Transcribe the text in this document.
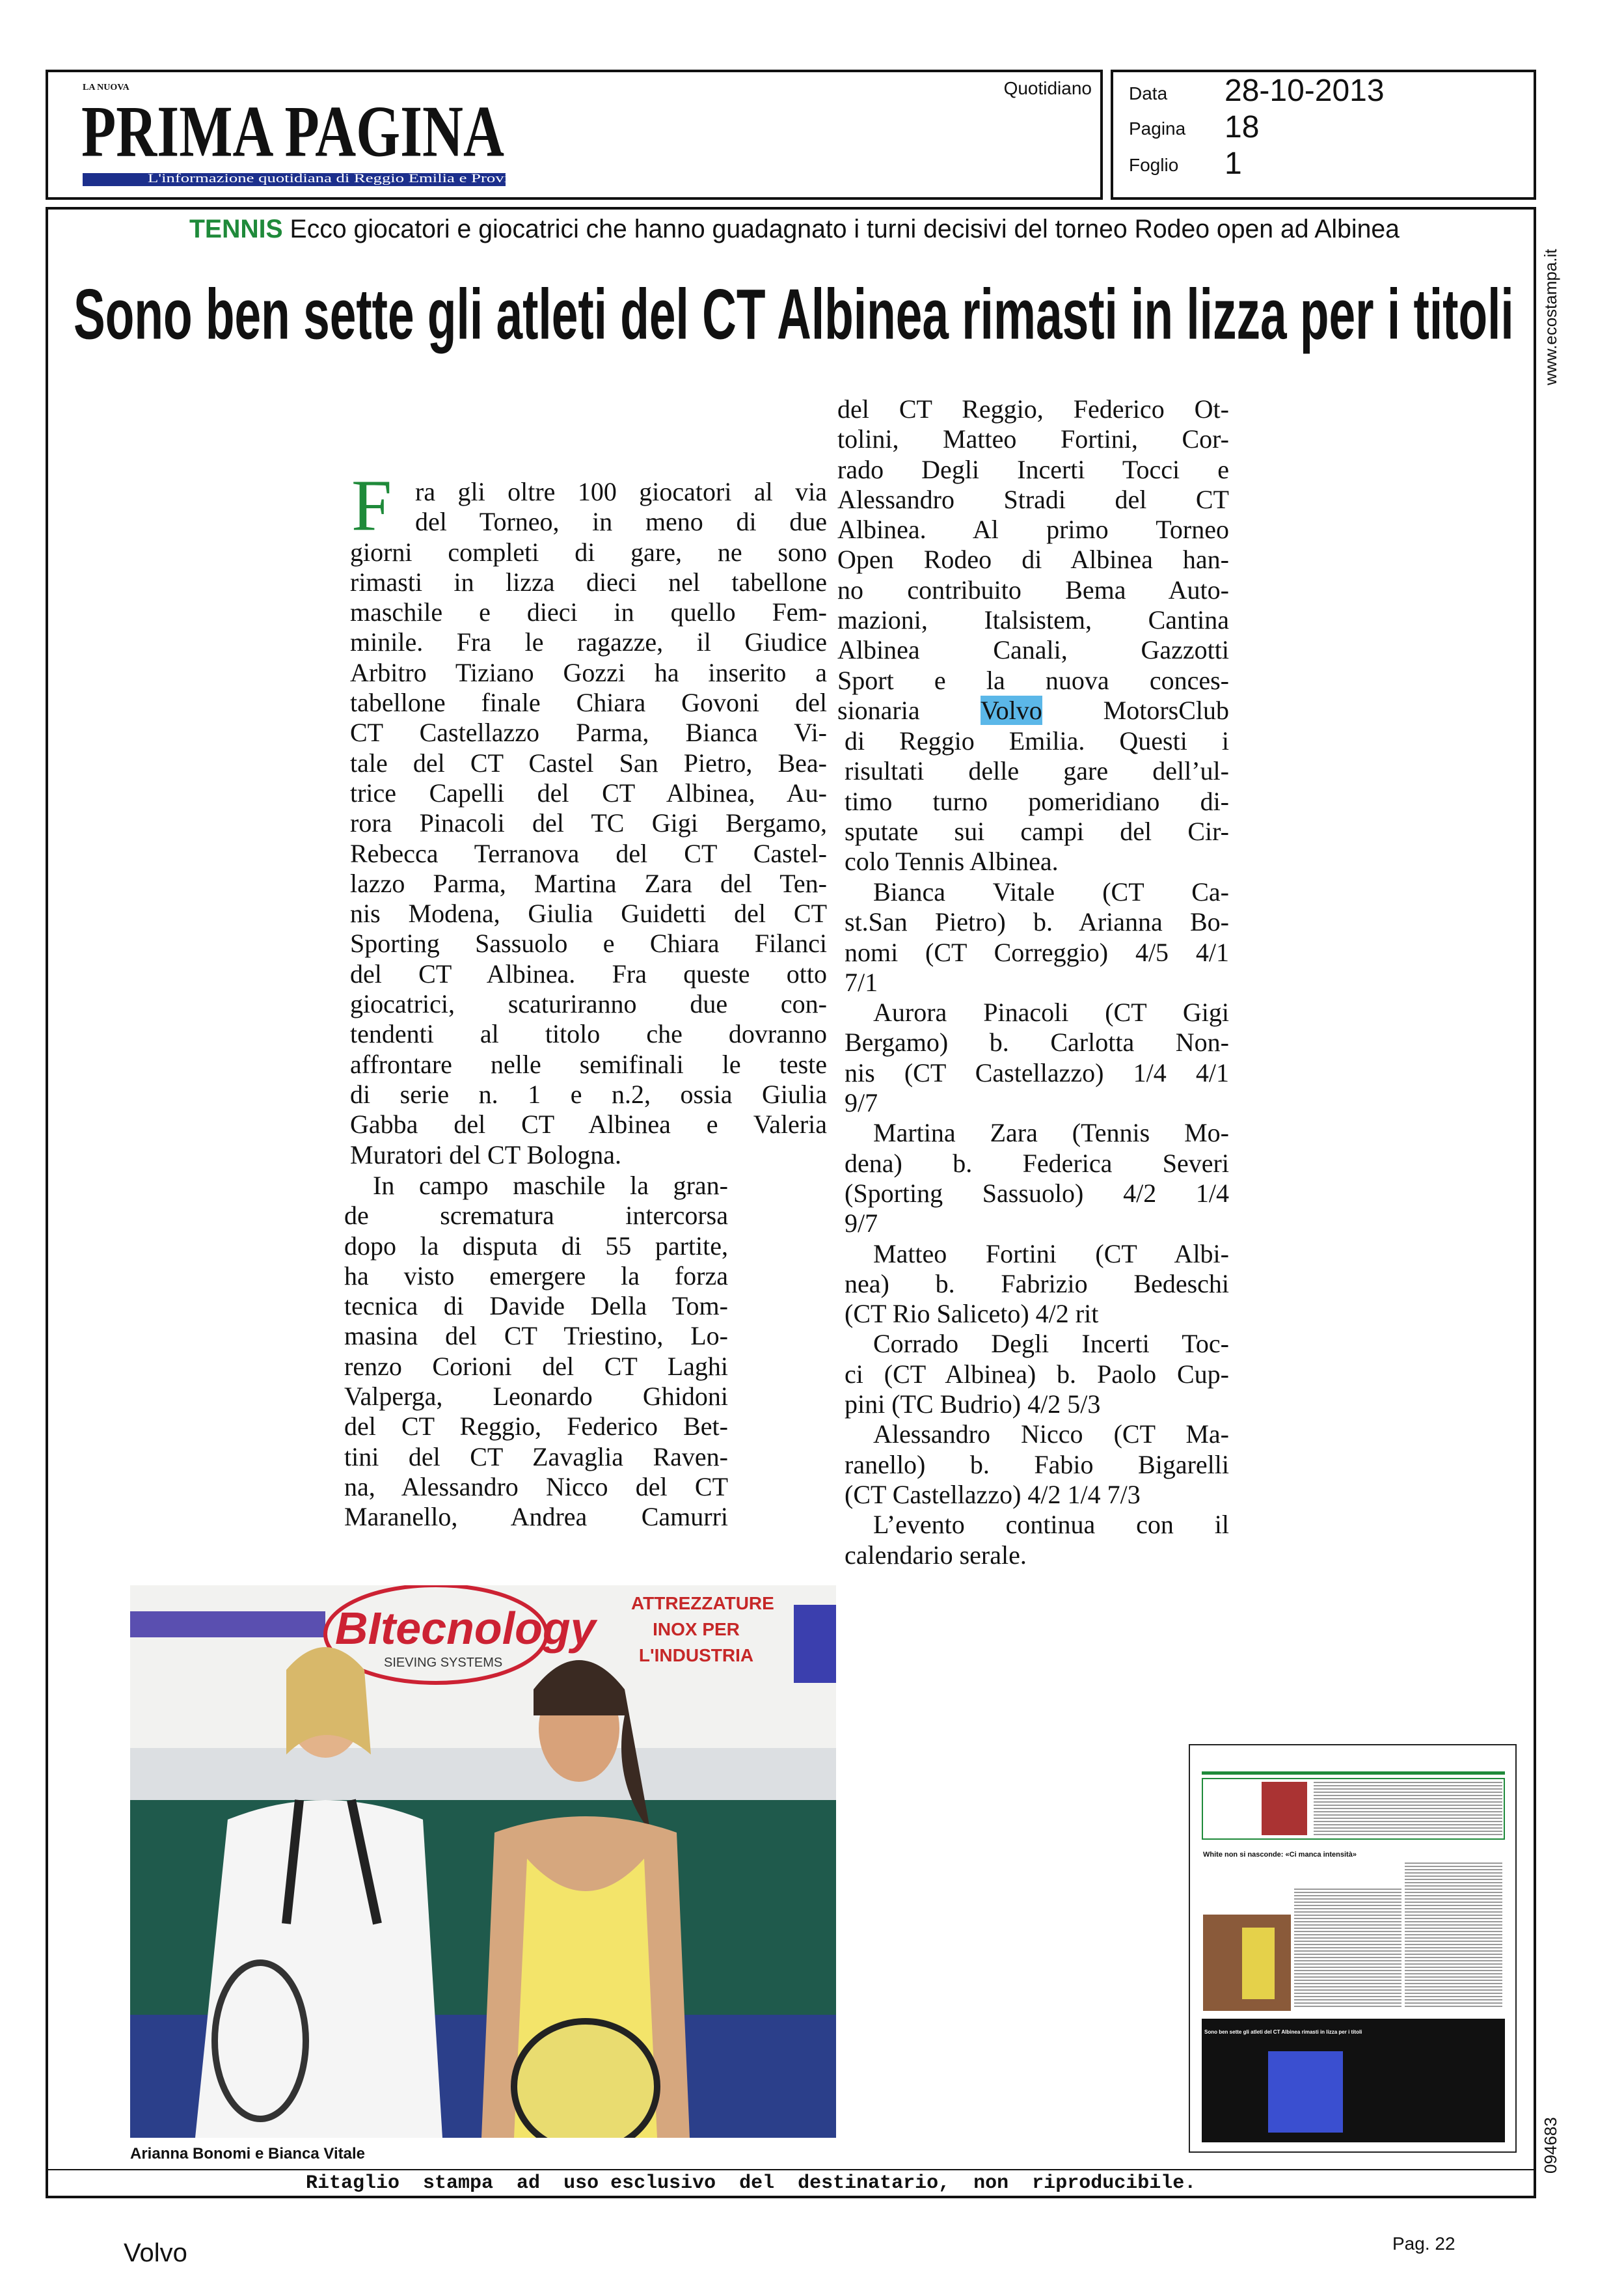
LA NUOVA
PRIMA PAGINA
L'informazione quotidiana di Reggio Emilia e Provincia
Quotidiano Data 28-10-2013
Pagina 18
Foglio 1
TENNIS Ecco giocatori e giocatrici che hanno guadagnato i turni decisivi del torneo Rodeo open ad Albinea
Sono ben sette gli atleti del CT Albinea rimasti in lizza per i titoli www.ecostampa.it
F ra gli oltre 100 giocatori al via
del Torneo, in meno di due
giorni completi di gare, ne sono
rimasti in lizza dieci nel tabellone
maschile e dieci in quello Fem-
minile. Fra le ragazze, il Giudice
Arbitro Tiziano Gozzi ha inserito a
tabellone finale Chiara Govoni del
CT Castellazzo Parma, Bianca Vi-
tale del CT Castel San Pietro, Bea-
trice Capelli del CT Albinea, Au-
rora Pinacoli del TC Gigi Bergamo,
Rebecca Terranova del CT Castel-
lazzo Parma, Martina Zara del Ten-
nis Modena, Giulia Guidetti del CT
Sporting Sassuolo e Chiara Filanci
del CT Albinea. Fra queste otto
giocatrici, scaturiranno due con-
tendenti al titolo che dovranno
affrontare nelle semifinali le teste
di serie n. 1 e n.2, ossia Giulia
Gabba del CT Albinea e Valeria
Muratori del CT Bologna.
In campo maschile la gran-
de scrematura intercorsa
dopo la disputa di 55 partite,
ha visto emergere la forza
tecnica di Davide Della Tom-
masina del CT Triestino, Lo-
renzo Corioni del CT Laghi
Valperga, Leonardo Ghidoni
del CT Reggio, Federico Bet-
tini del CT Zavaglia Raven-
na, Alessandro Nicco del CT
Maranello, Andrea Camurri
del CT Reggio, Federico Ot-
tolini, Matteo Fortini, Cor-
rado Degli Incerti Tocci e
Alessandro Stradi del CT
Albinea. Al primo Torneo
Open Rodeo di Albinea han-
no contribuito Bema Auto-
mazioni, Italsistem, Cantina
Albinea Canali, Gazzotti
Sport e la nuova conces-
sionaria Volvo MotorsClub
di Reggio Emilia. Questi i
risultati delle gare dell’ul-
timo turno pomeridiano di-
sputate sui campi del Cir-
colo Tennis Albinea.
Bianca Vitale (CT Ca-
st.San Pietro) b. Arianna Bo-
nomi (CT Correggio) 4/5 4/1
7/1
Aurora Pinacoli (CT Gigi
Bergamo) b. Carlotta Non-
nis (CT Castellazzo) 1/4 4/1
9/7
Martina Zara (Tennis Mo-
dena) b. Federica Severi
(Sporting Sassuolo) 4/2 1/4
9/7
Matteo Fortini (CT Albi-
nea) b. Fabrizio Bedeschi
(CT Rio Saliceto) 4/2 rit
Corrado Degli Incerti Toc-
ci (CT Albinea) b. Paolo Cup-
pini (TC Budrio) 4/2 5/3
Alessandro Nicco (CT Ma-
ranello) b. Fabio Bigarelli
(CT Castellazzo) 4/2 1/4 7/3
L’evento continua con il
calendario serale.
BItecnology
SIEVING SYSTEMS
ATTREZZATURE INOX PER L'INDUSTRIA
Arianna Bonomi e Bianca Vitale
White non si nasconde: «Ci manca intensità»
Sono ben sette gli atleti del CT Albinea rimasti in lizza per i titoli
094683
Ritaglio  stampa  ad  uso esclusivo  del  destinatario,  non  riproducibile.
Volvo	Pag. 22
